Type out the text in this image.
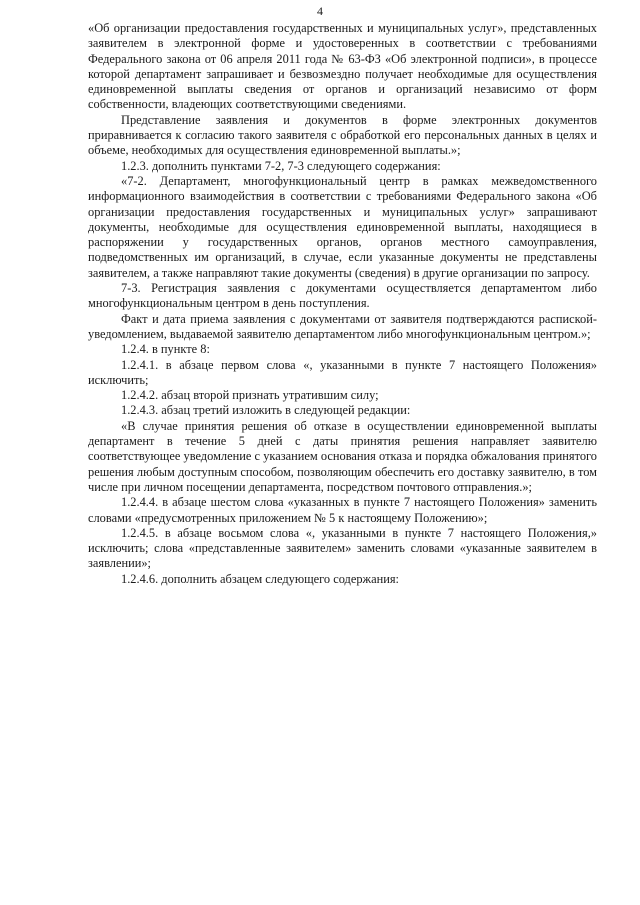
4

«Об организации предоставления государственных и муниципальных услуг», представленных заявителем в электронной форме и удостоверенных в соответствии с требованиями Федерального закона от 06 апреля 2011 года № 63-ФЗ «Об электронной подписи», в процессе которой департамент запрашивает и безвозмездно получает необходимые для осуществления единовременной выплаты сведения от органов и организаций независимо от форм собственности, владеющих соответствующими сведениями.

Представление заявления и документов в форме электронных документов приравнивается к согласию такого заявителя с обработкой его персональных данных в целях и объеме, необходимых для осуществления единовременной выплаты.»;

1.2.3. дополнить пунктами 7-2, 7-3 следующего содержания:

«7-2. Департамент, многофункциональный центр в рамках межведомственного информационного взаимодействия в соответствии с требованиями Федерального закона «Об организации предоставления государственных и муниципальных услуг» запрашивают документы, необходимые для осуществления единовременной выплаты, находящиеся в распоряжении у государственных органов, органов местного самоуправления, подведомственных им организаций, в случае, если указанные документы не представлены заявителем, а также направляют такие документы (сведения) в другие организации по запросу.

7-3. Регистрация заявления с документами осуществляется департаментом либо многофункциональным центром в день поступления.

Факт и дата приема заявления с документами от заявителя подтверждаются распиской-уведомлением, выдаваемой заявителю департаментом либо многофункциональным центром.»;

1.2.4. в пункте 8:

1.2.4.1. в абзаце первом слова «, указанными в пункте 7 настоящего Положения» исключить;

1.2.4.2. абзац второй признать утратившим силу;

1.2.4.3. абзац третий изложить в следующей редакции:

«В случае принятия решения об отказе в осуществлении единовременной выплаты департамент в течение 5 дней с даты принятия решения направляет заявителю соответствующее уведомление с указанием основания отказа и порядка обжалования принятого решения любым доступным способом, позволяющим обеспечить его доставку заявителю, в том числе при личном посещении департамента, посредством почтового отправления.»;

1.2.4.4. в абзаце шестом слова «указанных в пункте 7 настоящего Положения» заменить словами «предусмотренных приложением № 5 к настоящему Положению»;

1.2.4.5. в абзаце восьмом слова «, указанными в пункте 7 настоящего Положения,» исключить; слова «представленные заявителем» заменить словами «указанные заявителем в заявлении»;

1.2.4.6. дополнить абзацем следующего содержания:
